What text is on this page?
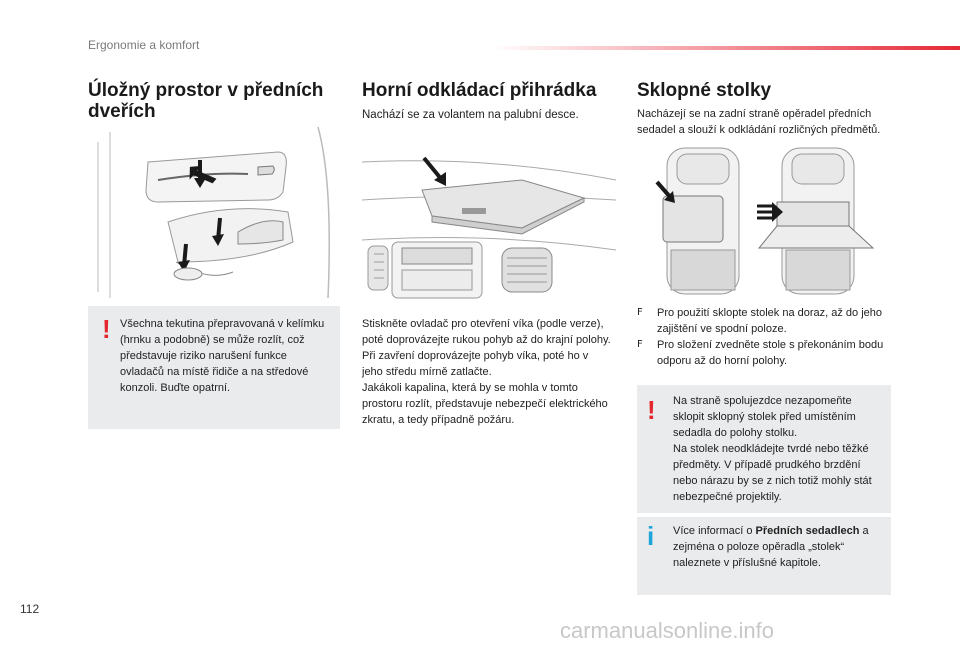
Ergonomie a komfort
Úložný prostor v předních dveřích
! Všechna tekutina přepravovaná v kelímku (hrnku a podobně) se může rozlít, což představuje riziko narušení funkce ovladačů na místě řidiče a na středové konzoli. Buďte opatrní.
Horní odkládací přihrádka
Nachází se za volantem na palubní desce.
Stiskněte ovladač pro otevření víka (podle verze), poté doprovázejte rukou pohyb až do krajní polohy.
Při zavření doprovázejte pohyb víka, poté ho v jeho středu mírně zatlačte.
Jakákoli kapalina, která by se mohla v tomto prostoru rozlít, představuje nebezpečí elektrického zkratu, a tedy případně požáru.
Sklopné stolky
Nacházejí se na zadní straně opěradel předních sedadel a slouží k odkládání rozličných předmětů.
F Pro použití sklopte stolek na doraz, až do jeho zajištění ve spodní poloze.
F Pro složení zvedněte stole s překonáním bodu odporu až do horní polohy.
! Na straně spolujezdce nezapomeňte sklopit sklopný stolek před umístěním sedadla do polohy stolku.
Na stolek neodkládejte tvrdé nebo těžké předměty. V případě prudkého brzdění nebo nárazu by se z nich totiž mohly stát nebezpečné projektily.
i Více informací o Předních sedadlech a zejména o poloze opěradla „stolek“ naleznete v příslušné kapitole.
112
carmanualsonline.info
